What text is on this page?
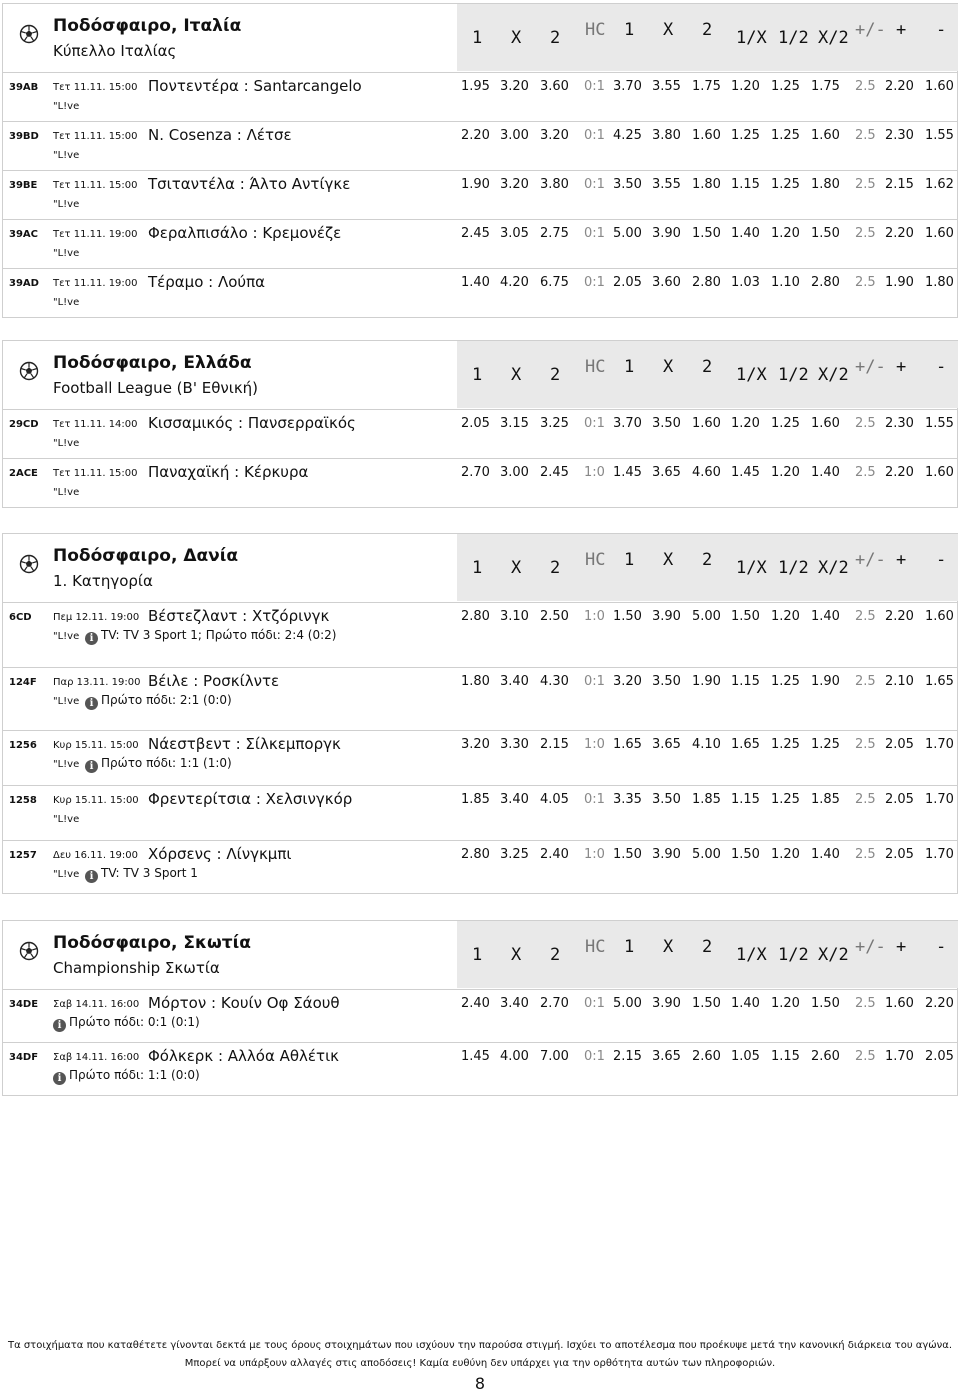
Ποδόσφαιρο, Ιταλία
Κύπελλο Ιταλίας
1 X 2 HC 1 X 2 1/X 1/2 X/2 +/- + -
39AB Τετ 11.11. 15:00 Ποντεντέρα : Santarcangelo
"L!ve
1.95 3.20 3.60 0:1 3.70 3.55 1.75 1.20 1.25 1.75 2.5 2.20 1.60
39BD Τετ 11.11. 15:00 N. Cosenza : Λέτσε
"L!ve
2.20 3.00 3.20 0:1 4.25 3.80 1.60 1.25 1.25 1.60 2.5 2.30 1.55
39BE Τετ 11.11. 15:00 Τσιταντέλα : Άλτο Αντίγκε
"L!ve
1.90 3.20 3.80 0:1 3.50 3.55 1.80 1.15 1.25 1.80 2.5 2.15 1.62
39AC Τετ 11.11. 19:00 Φεραλπισάλο : Κρεμονέζε
"L!ve
2.45 3.05 2.75 0:1 5.00 3.90 1.50 1.40 1.20 1.50 2.5 2.20 1.60
39AD Τετ 11.11. 19:00 Τέραμο : Λούπα
"L!ve
1.40 4.20 6.75 0:1 2.05 3.60 2.80 1.03 1.10 2.80 2.5 1.90 1.80
Ποδόσφαιρο, Ελλάδα
Football League (B' Εθνική)
1 X 2 HC 1 X 2 1/X 1/2 X/2 +/- + -
29CD Τετ 11.11. 14:00 Κισσαμικός : Πανσερραϊκός
"L!ve
2.05 3.15 3.25 0:1 3.70 3.50 1.60 1.20 1.25 1.60 2.5 2.30 1.55
2ACE Τετ 11.11. 15:00 Παναχαϊκή : Κέρκυρα
"L!ve
2.70 3.00 2.45 1:0 1.45 3.65 4.60 1.45 1.20 1.40 2.5 2.20 1.60
Ποδόσφαιρο, Δανία
1. Κατηγορία
1 X 2 HC 1 X 2 1/X 1/2 X/2 +/- + -
6CD Πεμ 12.11. 19:00 Βέστεζλαντ : Χτζόρινγκ
"L!ve	i TV: TV 3 Sport 1; Πρώτο πόδι: 2:4 (0:2)
2.80 3.10 2.50 1:0 1.50 3.90 5.00 1.50 1.20 1.40 2.5 2.20 1.60
124F Παρ 13.11. 19:00 Βέιλε : Ροσκίλντε
"L!ve	i Πρώτο πόδι: 2:1 (0:0)
1.80 3.40 4.30 0:1 3.20 3.50 1.90 1.15 1.25 1.90 2.5 2.10 1.65
1256 Κυρ 15.11. 15:00 Νάεστβεντ : Σίλκεμποργκ
"L!ve	i Πρώτο πόδι: 1:1 (1:0)
3.20 3.30 2.15 1:0 1.65 3.65 4.10 1.65 1.25 1.25 2.5 2.05 1.70
1258 Κυρ 15.11. 15:00 Φρεντερίτσια : Χελσινγκόρ
"L!ve
1.85 3.40 4.05 0:1 3.35 3.50 1.85 1.15 1.25 1.85 2.5 2.05 1.70
1257 Δευ 16.11. 19:00 Χόρσενς : Λίνγκμπι
"L!ve	i TV: TV 3 Sport 1
2.80 3.25 2.40 1:0 1.50 3.90 5.00 1.50 1.20 1.40 2.5 2.05 1.70
Ποδόσφαιρο, Σκωτία
Championship Σκωτία
1 X 2 HC 1 X 2 1/X 1/2 X/2 +/- + -
34DE Σαβ 14.11. 16:00 Μόρτον : Κουίν Οφ Σάουθ
i Πρώτο πόδι: 0:1 (0:1)
2.40 3.40 2.70 0:1 5.00 3.90 1.50 1.40 1.20 1.50 2.5 1.60 2.20
34DF Σαβ 14.11. 16:00 Φόλκερκ : Αλλόα Αθλέτικ
i Πρώτο πόδι: 1:1 (0:0)
1.45 4.00 7.00 0:1 2.15 3.65 2.60 1.05 1.15 2.60 2.5 1.70 2.05
Τα στοιχήματα που καταθέτετε γίνονται δεκτά με τους όρους στοιχημάτων που ισχύουν την παρούσα στιγμή. Ισχύει το αποτέλεσμα που προέκυψε μετά την κανονική διάρκεια του αγώνα.
Μπορεί να υπάρξουν αλλαγές στις αποδόσεις! Καμία ευθύνη δεν υπάρχει για την ορθότητα αυτών των πληροφοριών.
8
